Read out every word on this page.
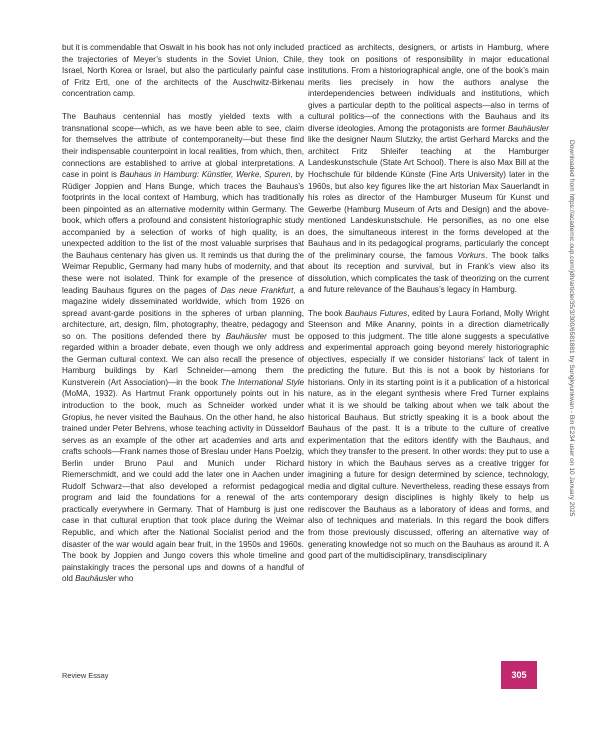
but it is commendable that Oswalt in his book has not only included the trajectories of Meyer’s students in the Soviet Union, Chile, Israel, North Korea or Israel, but also the particularly painful case of Fritz Ertl, one of the architects of the Auschwitz-Birkenau concentration camp.

The Bauhaus centennial has mostly yielded texts with a transnational scope—which, as we have been able to see, claim for themselves the attribute of contemporaneity—but these find their indispensable counterpoint in local realities, from which, then, connections are established to arrive at global interpretations. A case in point is Bauhaus in Hamburg: Künstler, Werke, Spuren, by Rüdiger Joppien and Hans Bunge, which traces the Bauhaus’s footprints in the local context of Hamburg, which has traditionally been pinpointed as an alternative modernity within Germany. The book, which offers a profound and consistent historiographic study accompanied by a selection of works of high quality, is an unexpected addition to the list of the most valuable surprises that the Bauhaus centenary has given us. It reminds us that during the Weimar Republic, Germany had many hubs of modernity, and that these were not isolated. Think for example of the presence of leading Bauhaus figures on the pages of Das neue Frankfurt, a magazine widely disseminated worldwide, which from 1926 on spread avant-garde positions in the spheres of urban planning, architecture, art, design, film, photography, theatre, pedagogy and so on. The positions defended there by Bauhäusler must be regarded within a broader debate, even though we only address the German cultural context. We can also recall the presence of Hamburg buildings by Karl Schneider—among them the Kunstverein (Art Association)—in the book The International Style (MoMA, 1932). As Hartmut Frank opportunely points out in his introduction to the book, much as Schneider worked under Gropius, he never visited the Bauhaus. On the other hand, he also trained under Peter Behrens, whose teaching activity in Düsseldorf serves as an example of the other art academies and arts and crafts schools—Frank names those of Breslau under Hans Poelzig, Berlin under Bruno Paul and Munich under Richard Riemerschmidt, and we could add the later one in Aachen under Rudolf Schwarz—that also developed a reformist pedagogical program and laid the foundations for a renewal of the arts practically everywhere in Germany. That of Hamburg is just one case in that cultural eruption that took place during the Weimar Republic, and which after the National Socialist period and the disaster of the war would again bear fruit, in the 1950s and 1960s. The book by Joppien and Jungo covers this whole timeline and painstakingly traces the personal ups and downs of a handful of old Bauhäusler who

practiced as architects, designers, or artists in Hamburg, where they took on positions of responsibility in major educational institutions. From a historiographical angle, one of the book’s main merits lies precisely in how the authors analyse the interdependencies between individuals and institutions, which gives a particular depth to the political aspects—also in terms of cultural politics—of the connections with the Bauhaus and its diverse ideologies. Among the protagonists are former Bauhäusler like the designer Naum Slutzky, the artist Gerhard Marcks and the architect Fritz Shleifer teaching at the Hamburger Landeskunstschule (State Art School). There is also Max Bill at the Hochschule für bildende Künste (Fine Arts University) later in the 1960s, but also key figures like the art historian Max Sauerlandt in his roles as director of the Hamburger Museum für Kunst und Gewerbe (Hamburg Museum of Arts and Design) and the above-mentioned Landeskunstschule. He personifies, as no one else does, the simultaneous interest in the forms developed at the Bauhaus and in its pedagogical programs, particularly the concept of the preliminary course, the famous Vorkurs. The book talks about its reception and survival, but in Frank’s view also its dissolution, which complicates the task of theorizing on the current and future relevance of the Bauhaus’s legacy in Hamburg.

The book Bauhaus Futures, edited by Laura Forland, Molly Wright Steenson and Mike Ananny, points in a direction diametrically opposed to this judgment. The title alone suggests a speculative and experimental approach going beyond merely historiographic objectives, especially if we consider historians’ lack of talent in predicting the future. But this is not a book by historians for historians. Only in its starting point is it a publication of a historical nature, as in the elegant synthesis where Fred Turner explains what it is we should be talking about when we talk about the historical Bauhaus. But strictly speaking it is a book about the Bauhaus of the past. It is a tribute to the culture of creative experimentation that the editors identify with the Bauhaus, and which they transfer to the present. In other words: they put to use a history in which the Bauhaus serves as a creative trigger for imagining a future for design determined by science, technology, media and digital culture. Nevertheless, reading these essays from contemporary design disciplines is highly likely to help us rediscover the Bauhaus as a laboratory of ideas and forms, and also of techniques and materials. In this regard the book differs from those previously discussed, offering an alternative way of generating knowledge not so much on the Bauhaus as around it. A good part of the multidisciplinary, transdisciplinary

Downloaded from https://academic.oup.com/jdh/article/35/3/300/6581881 by Sungkyunkwan - Bin E234 user on 10 January 2025
Review Essay	305
